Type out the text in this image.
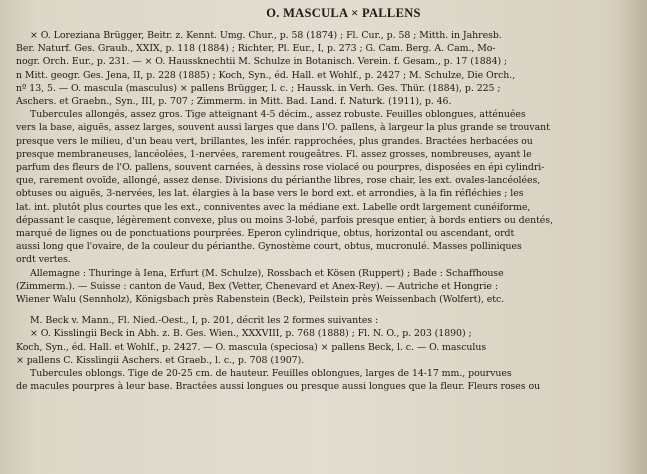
O. MASCULA × PALLENS
× O. Loreziana Brügger, Beitr. z. Kennt. Umg. Chur., p. 58 (1874) ; Fl. Cur., p. 58 ; Mitth. in Jahresb.
Ber. Naturf. Ges. Graub., XXIX, p. 118 (1884) ; Richter, Pl. Eur., I, p. 273 ; G. Cam. Berg. A. Cam., Mo-
nogr. Orch. Eur., p. 231. — × O. Haussknechtii M. Schulze in Botanisch. Verein. f. Gesam., p. 17 (1884) ;
n Mitt. geogr. Ges. Jena, II, p. 228 (1885) ; Koch, Syn., éd. Hall. et Wohlf., p. 2427 ; M. Schulze, Die Orch.,
nº 13, 5. — O. mascula (masculus) × pallens Brügger, l. c. ; Haussk. in Verh. Ges. Thür. (1884), p. 225 ;
Aschers. et Graebn., Syn., III, p. 707 ; Zimmerm. in Mitt. Bad. Land. f. Naturk. (1911), p. 46.
Tubercules allongés, assez gros. Tige atteignant 4-5 décim., assez robuste. Feuilles oblongues, atténuées
vers la base, aiguës, assez larges, souvent aussi larges que dans l'O. pallens, à largeur la plus grande se trouvant
presque vers le milieu, d'un beau vert, brillantes, les infér. rapprochées, plus grandes. Bractées herbacées ou
presque membraneuses, lancéolées, 1-nervées, rarement rougeâtres. Fl. assez grosses, nombreuses, ayant le
parfum des fleurs de l'O. pallens, souvent carnées, à dessins rose violacé ou pourpres, disposées en épi cylindri-
que, rarement ovoïde, allongé, assez dense. Divisions du périanthe libres, rose chair, les ext. ovales-lancéolées,
obtuses ou aiguës, 3-nervées, les lat. élargies à la base vers le bord ext. et arrondies, à la fin réfléchies ; les
lat. int. plutôt plus courtes que les ext., conniventes avec la médiane ext. Labelle ordt largement cunéiforme,
dépassant le casque, légèrement convexe, plus ou moins 3-lobé, parfois presque entier, à bords entiers ou dentés,
marqué de lignes ou de ponctuations pourprées. Eperon cylindrique, obtus, horizontal ou ascendant, ordt
aussi long que l'ovaire, de la couleur du périanthe. Gynostème court, obtus, mucronulé. Masses polliniques
ordt vertes.
Allemagne : Thuringe à Iena, Erfurt (M. Schulze), Rossbach et Kösen (Ruppert) ; Bade : Schaffhouse
(Zimmerm.). — Suisse : canton de Vaud, Bex (Vetter, Chenevard et Anex-Rey). — Autriche et Hongrie :
Wiener Walu (Sennholz), Königsbach près Rabenstein (Beck), Peilstein près Weissenbach (Wolfert), etc.
M. Beck v. Mann., Fl. Nied.-Oest., I, p. 201, décrit les 2 formes suivantes :
× O. Kisslingii Beck in Abh. z. B. Ges. Wien., XXXVIII, p. 768 (1888) ; Fl. N. O., p. 203 (1890) ;
Koch, Syn., éd. Hall. et Wohlf., p. 2427. — O. mascula (speciosa) × pallens Beck, l. c. — O. masculus
× pallens C. Kisslingii Aschers. et Graeb., l. c., p. 708 (1907).
Tubercules oblongs. Tige de 20-25 cm. de hauteur. Feuilles oblongues, larges de 14-17 mm., pourvues
de macules pourpres à leur base. Bractées aussi longues ou presque aussi longues que la fleur. Fleurs roses ou
